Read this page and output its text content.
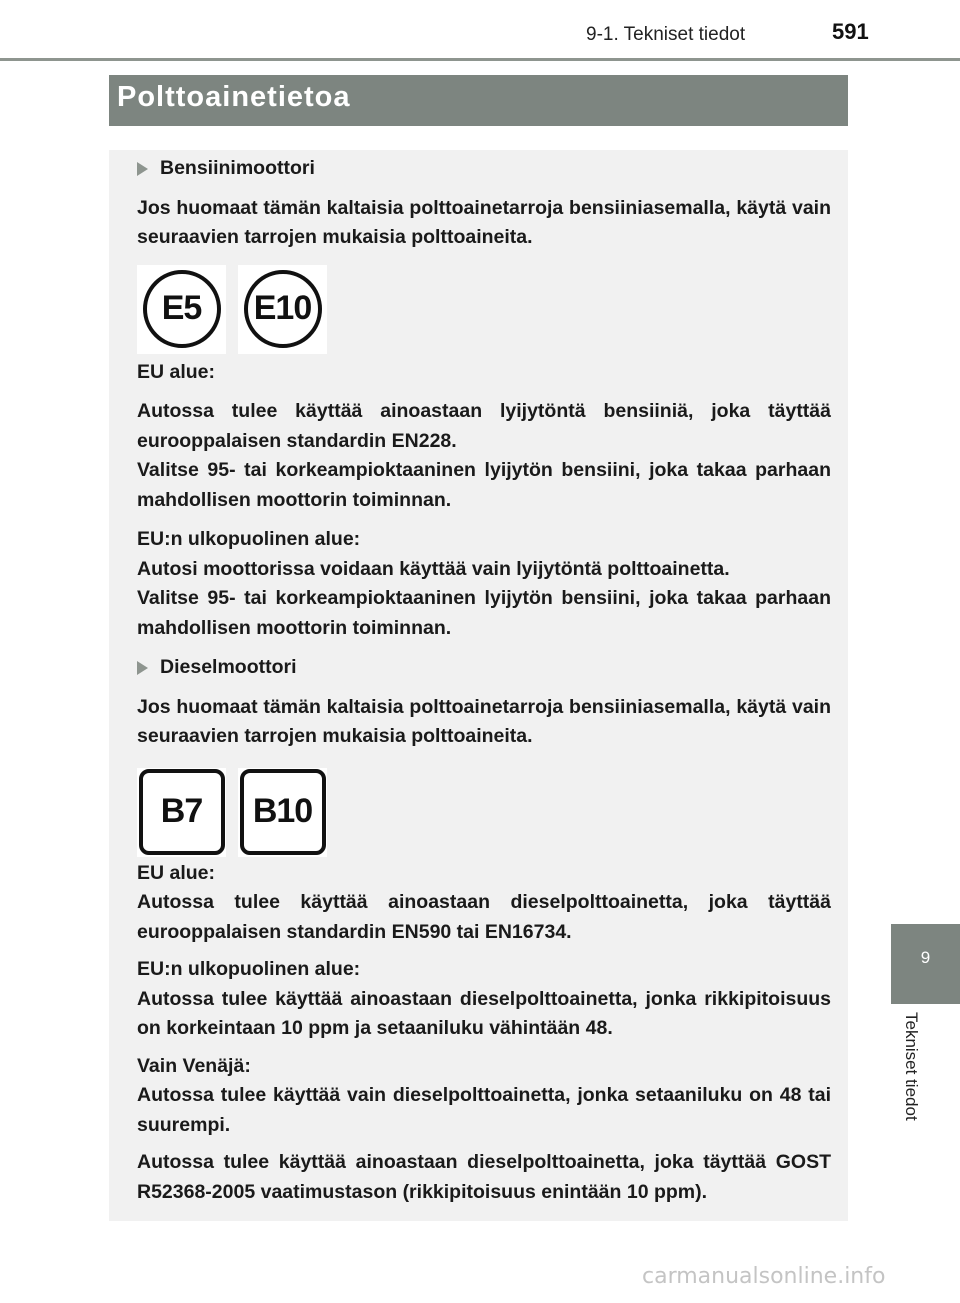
9-1. Tekniset tiedot	591
Polttoainetietoa
Bensiinimoottori

Jos huomaat tämän kaltaisia polttoainetarroja bensiiniasemalla, käytä vain seuraavien tarrojen mukaisia polttoaineita.

E5	E10

EU alue:

Autossa tulee käyttää ainoastaan lyijytöntä bensiiniä, joka täyttää eurooppalaisen standardin EN228.

Valitse 95- tai korkeampioktaaninen lyijytön bensiini, joka takaa parhaan mahdollisen moottorin toiminnan.

EU:n ulkopuolinen alue:

Autosi moottorissa voidaan käyttää vain lyijytöntä polttoainetta.

Valitse 95- tai korkeampioktaaninen lyijytön bensiini, joka takaa parhaan mahdollisen moottorin toiminnan.

Dieselmoottori

Jos huomaat tämän kaltaisia polttoainetarroja bensiiniasemalla, käytä vain seuraavien tarrojen mukaisia polttoaineita.

B7	B10

EU alue:

Autossa tulee käyttää ainoastaan dieselpolttoainetta, joka täyttää eurooppalaisen standardin EN590 tai EN16734.

EU:n ulkopuolinen alue:

Autossa tulee käyttää ainoastaan dieselpolttoainetta, jonka rikkipitoisuus on korkeintaan 10 ppm ja setaaniluku vähintään 48.

Vain Venäjä:

Autossa tulee käyttää vain dieselpolttoainetta, jonka setaaniluku on 48 tai suurempi.

Autossa tulee käyttää ainoastaan dieselpolttoainetta, joka täyttää GOST R52368-2005 vaatimustason (rikkipitoisuus enintään 10 ppm).

9
Tekniset tiedot
carmanualsonline.info
